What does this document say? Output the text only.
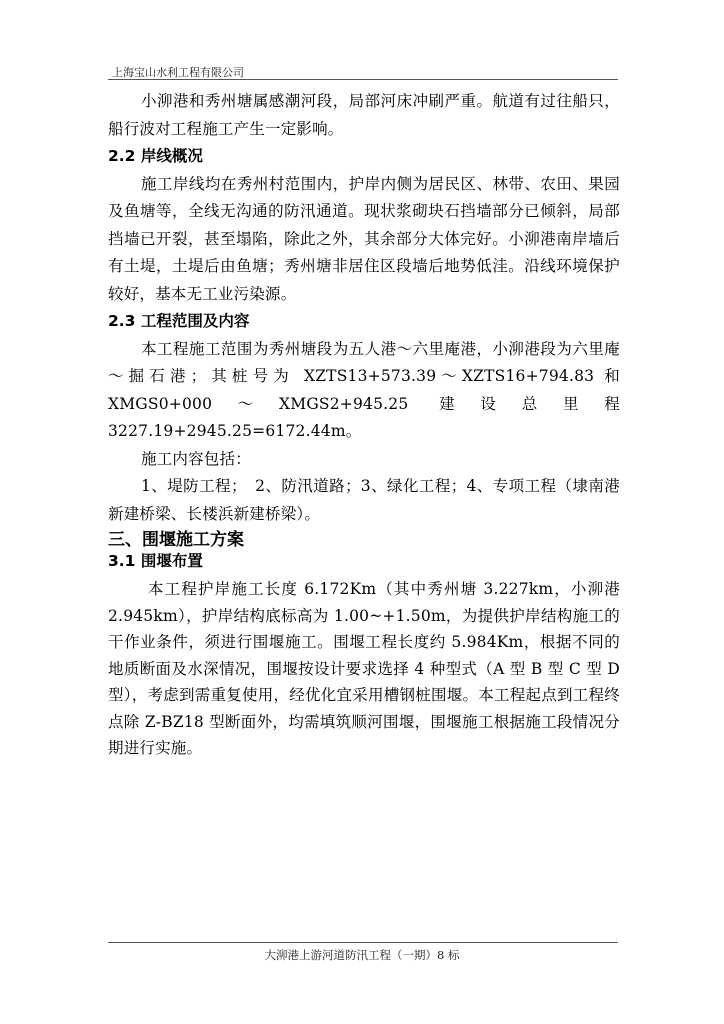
上海宝山水利工程有限公司

小泖港和秀州塘属感潮河段，局部河床冲刷严重。航道有过往船只，船行波对工程施工产生一定影响。

2.2 岸线概况

施工岸线均在秀州村范围内，护岸内侧为居民区、林带、农田、果园及鱼塘等，全线无沟通的防汛通道。现状浆砌块石挡墙部分已倾斜，局部挡墙已开裂，甚至塌陷，除此之外，其余部分大体完好。小泖港南岸墙后有土堤，土堤后由鱼塘；秀州塘非居住区段墙后地势低洼。沿线环境保护较好，基本无工业污染源。

2.3 工程范围及内容

本工程施工范围为秀州塘段为五人港～六里庵港，小泖港段为六里庵～掘石港；其桩号为 XZTS13+573.39～XZTS16+794.83 和 XMGS0+000～XMGS2+945.25 建设总里程 3227.19+2945.25=6172.44m。

施工内容包括：

1、堤防工程；　2、防汛道路；3、绿化工程；4、专项工程（埭南港新建桥梁、长楼浜新建桥梁）。

三、围堰施工方案
3.1 围堰布置

本工程护岸施工长度 6.172Km（其中秀州塘 3.227km，小泖港 2.945km），护岸结构底标高为 1.00~+1.50m，为提供护岸结构施工的干作业条件，须进行围堰施工。围堰工程长度约 5.984Km，根据不同的地质断面及水深情况，围堰按设计要求选择 4 种型式（A 型 B 型 C 型 D 型），考虑到需重复使用，经优化宜采用槽钢桩围堰。本工程起点到工程终点除 Z-BZ18 型断面外，均需填筑顺河围堰，围堰施工根据施工段情况分期进行实施。

大泖港上游河道防汛工程（一期）8 标
